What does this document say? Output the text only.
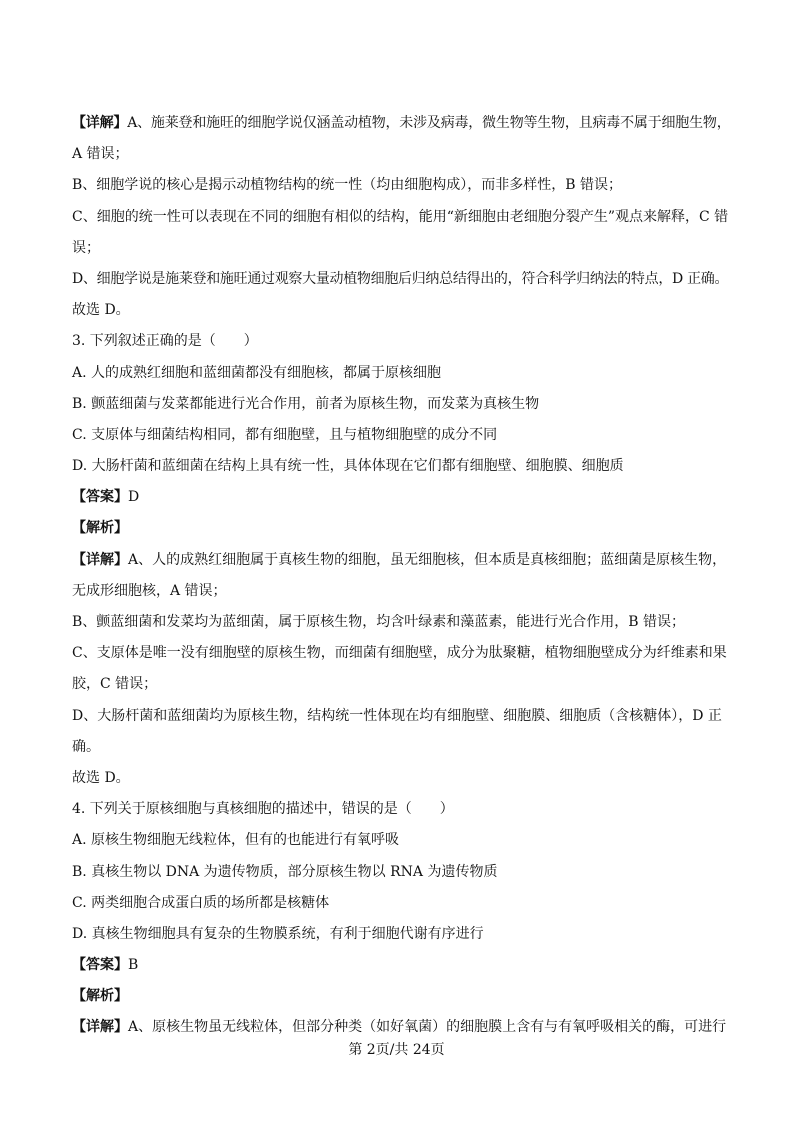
【详解】A、施莱登和施旺的细胞学说仅涵盖动植物，未涉及病毒，微生物等生物，且病毒不属于细胞生物，
A 错误；
B、细胞学说的核心是揭示动植物结构的统一性（均由细胞构成），而非多样性，B 错误；
C、细胞的统一性可以表现在不同的细胞有相似的结构，能用“新细胞由老细胞分裂产生”观点来解释，C 错
误；
D、细胞学说是施莱登和施旺通过观察大量动植物细胞后归纳总结得出的，符合科学归纳法的特点，D 正确。
故选 D。
3. 下列叙述正确的是（　　）
A. 人的成熟红细胞和蓝细菌都没有细胞核，都属于原核细胞
B. 颤蓝细菌与发菜都能进行光合作用，前者为原核生物，而发菜为真核生物
C. 支原体与细菌结构相同，都有细胞壁，且与植物细胞壁的成分不同
D. 大肠杆菌和蓝细菌在结构上具有统一性，具体体现在它们都有细胞壁、细胞膜、细胞质
【答案】D
【解析】
【详解】A、人的成熟红细胞属于真核生物的细胞，虽无细胞核，但本质是真核细胞；蓝细菌是原核生物，
无成形细胞核，A 错误；
B、颤蓝细菌和发菜均为蓝细菌，属于原核生物，均含叶绿素和藻蓝素，能进行光合作用，B 错误；
C、支原体是唯一没有细胞壁的原核生物，而细菌有细胞壁，成分为肽聚糖，植物细胞壁成分为纤维素和果
胶，C 错误；
D、大肠杆菌和蓝细菌均为原核生物，结构统一性体现在均有细胞壁、细胞膜、细胞质（含核糖体），D 正
确。
故选 D。
4. 下列关于原核细胞与真核细胞的描述中，错误的是（　　）
A. 原核生物细胞无线粒体，但有的也能进行有氧呼吸
B. 真核生物以 DNA 为遗传物质，部分原核生物以 RNA 为遗传物质
C. 两类细胞合成蛋白质的场所都是核糖体
D. 真核生物细胞具有复杂的生物膜系统，有利于细胞代谢有序进行
【答案】B
【解析】
【详解】A、原核生物虽无线粒体，但部分种类（如好氧菌）的细胞膜上含有与有氧呼吸相关的酶，可进行
第 2页/共 24页
